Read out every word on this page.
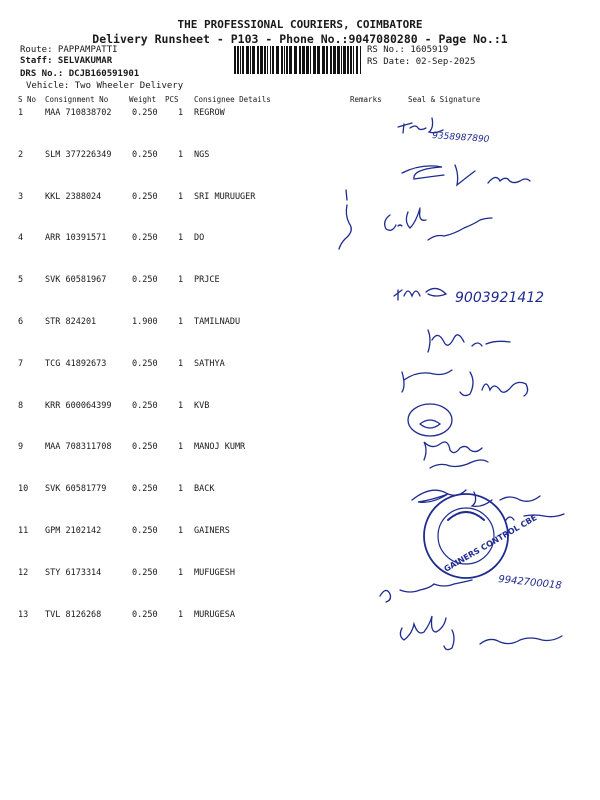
THE PROFESSIONAL COURIERS, COIMBATORE
Delivery Runsheet - P103 - Phone No.:9047080280 - Page No.:1
Route: PAPPAMPATTI
Staff: SELVAKUMAR
DRS No.: DCJB160591901
Vehicle: Two Wheeler Delivery
RS No.: 1605919
RS Date: 02-Sep-2025
S No Consignment No	Weight PCS Consignee Details	Remarks	Seal & Signature
1	MAA 710838702 0.250 1 REGROW
2	SLM 377226349 0.250 1 NGS
3	KKL 2388024	0.250 1 SRI MURUUGER
4	ARR 10391571	0.250 1 DO
5	SVK 60581967	0.250 1 PRJCE
6	STR 824201	1.900 1 TAMILNADU
7	TCG 41892673	0.250 1 SATHYA
8	KRR 600064399 0.250 1 KVB
9	MAA 708311708 0.250 1 MANOJ KUMR
10 SVK 60581779	0.250 1 BACK
11 GPM 2102142	0.250 1 GAINERS
12 STY 6173314	0.250 1 MUFUGESH
13 TVL 8126268	0.250 1 MURUGESA
9358987890
9003921412
9942700018
GAINERS CONTROL CBE
